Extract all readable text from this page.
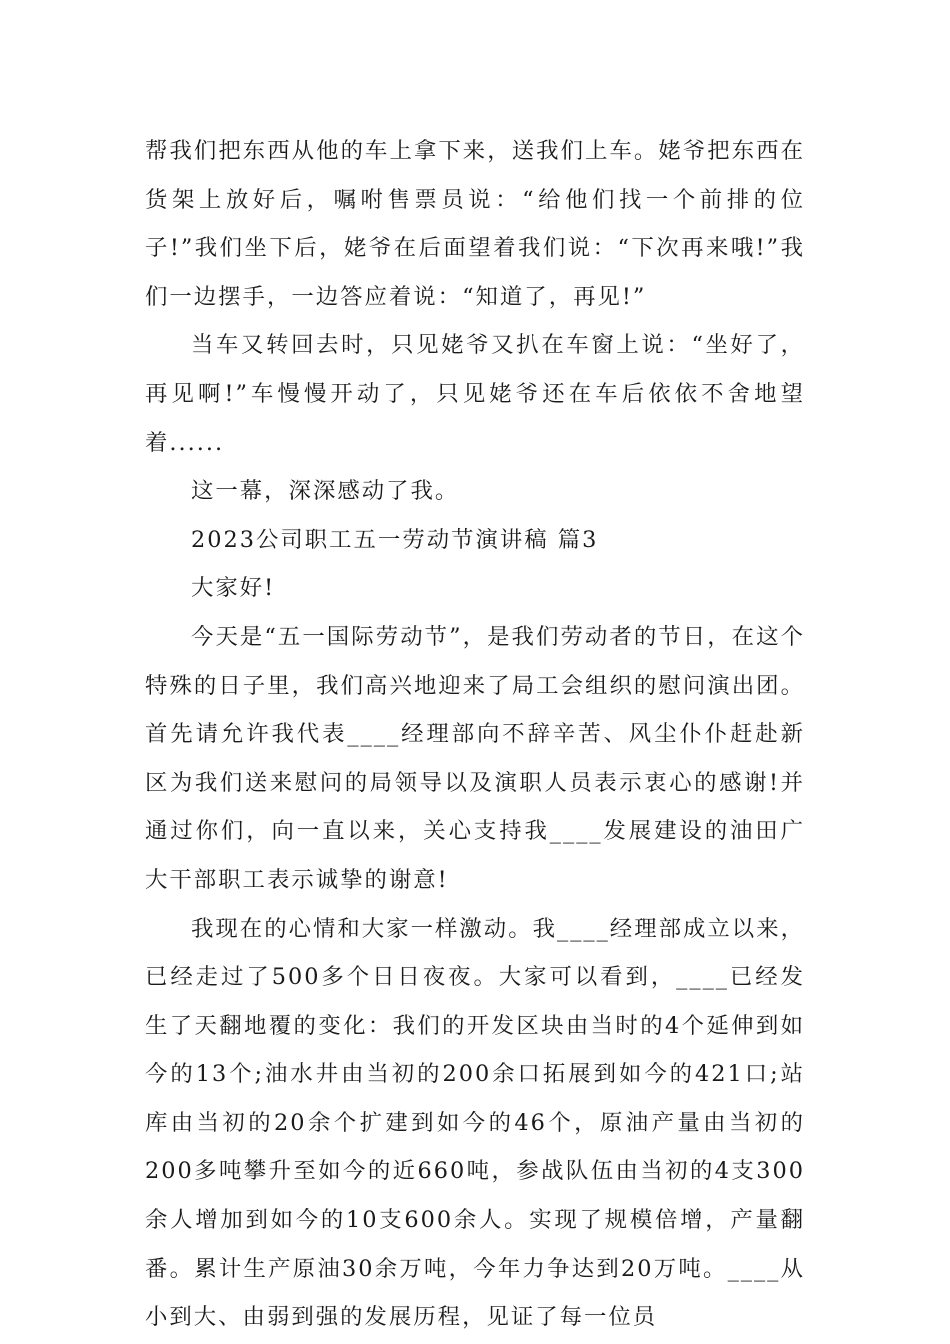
帮我们把东西从他的车上拿下来，送我们上车。姥爷把东西在货架上放好后，嘱咐售票员说：“给他们找一个前排的位子!”我们坐下后，姥爷在后面望着我们说：“下次再来哦!”我们一边摆手，一边答应着说：“知道了，再见!”

当车又转回去时，只见姥爷又扒在车窗上说：“坐好了，再见啊!”车慢慢开动了，只见姥爷还在车后依依不舍地望着......

这一幕，深深感动了我。

2023公司职工五一劳动节演讲稿 篇3

大家好!

今天是“五一国际劳动节”，是我们劳动者的节日，在这个特殊的日子里，我们高兴地迎来了局工会组织的慰问演出团。首先请允许我代表____经理部向不辞辛苦、风尘仆仆赶赴新区为我们送来慰问的局领导以及演职人员表示衷心的感谢!并通过你们，向一直以来，关心支持我____发展建设的油田广大干部职工表示诚挚的谢意!

我现在的心情和大家一样激动。我____经理部成立以来，已经走过了500多个日日夜夜。大家可以看到，____已经发生了天翻地覆的变化：我们的开发区块由当时的4个延伸到如今的13个;油水井由当初的200余口拓展到如今的421口;站库由当初的20余个扩建到如今的46个，原油产量由当初的200多吨攀升至如今的近660吨，参战队伍由当初的4支300余人增加到如今的10支600余人。实现了规模倍增，产量翻番。累计生产原油30余万吨，今年力争达到20万吨。____从小到大、由弱到强的发展历程，见证了每一位员
